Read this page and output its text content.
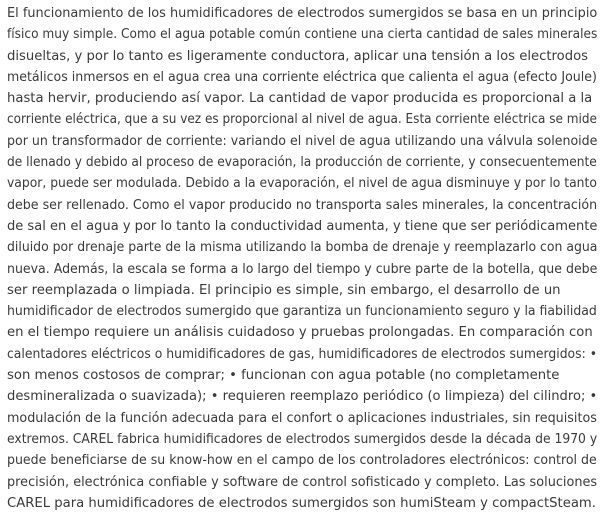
El funcionamiento de los humidificadores de electrodos sumergidos se basa en un principio
físico muy simple. Como el agua potable común contiene una cierta cantidad de sales minerales
disueltas, y por lo tanto es ligeramente conductora, aplicar una tensión a los electrodos
metálicos inmersos en el agua crea una corriente eléctrica que calienta el agua (efecto Joule)
hasta hervir, produciendo así vapor. La cantidad de vapor producida es proporcional a la
corriente eléctrica, que a su vez es proporcional al nivel de agua. Esta corriente eléctrica se mide
por un transformador de corriente: variando el nivel de agua utilizando una válvula solenoide
de llenado y debido al proceso de evaporación, la producción de corriente, y consecuentemente
vapor, puede ser modulada. Debido a la evaporación, el nivel de agua disminuye y por lo tanto
debe ser rellenado. Como el vapor producido no transporta sales minerales, la concentración
de sal en el agua y por lo tanto la conductividad aumenta, y tiene que ser periódicamente
diluido por drenaje parte de la misma utilizando la bomba de drenaje y reemplazarlo con agua
nueva. Además, la escala se forma a lo largo del tiempo y cubre parte de la botella, que debe
ser reemplazada o limpiada. El principio es simple, sin embargo, el desarrollo de un
humidificador de electrodos sumergido que garantiza un funcionamiento seguro y la fiabilidad
en el tiempo requiere un análisis cuidadoso y pruebas prolongadas. En comparación con
calentadores eléctricos o humidificadores de gas, humidificadores de electrodos sumergidos: •
son menos costosos de comprar; • funcionan con agua potable (no completamente
desmineralizada o suavizada); • requieren reemplazo periódico (o limpieza) del cilindro; •
modulación de la función adecuada para el confort o aplicaciones industriales, sin requisitos
extremos. CAREL fabrica humidificadores de electrodos sumergidos desde la década de 1970 y
puede beneficiarse de su know-how en el campo de los controladores electrónicos: control de
precisión, electrónica confiable y software de control sofisticado y completo. Las soluciones
CAREL para humidificadores de electrodos sumergidos son humiSteam y compactSteam.
